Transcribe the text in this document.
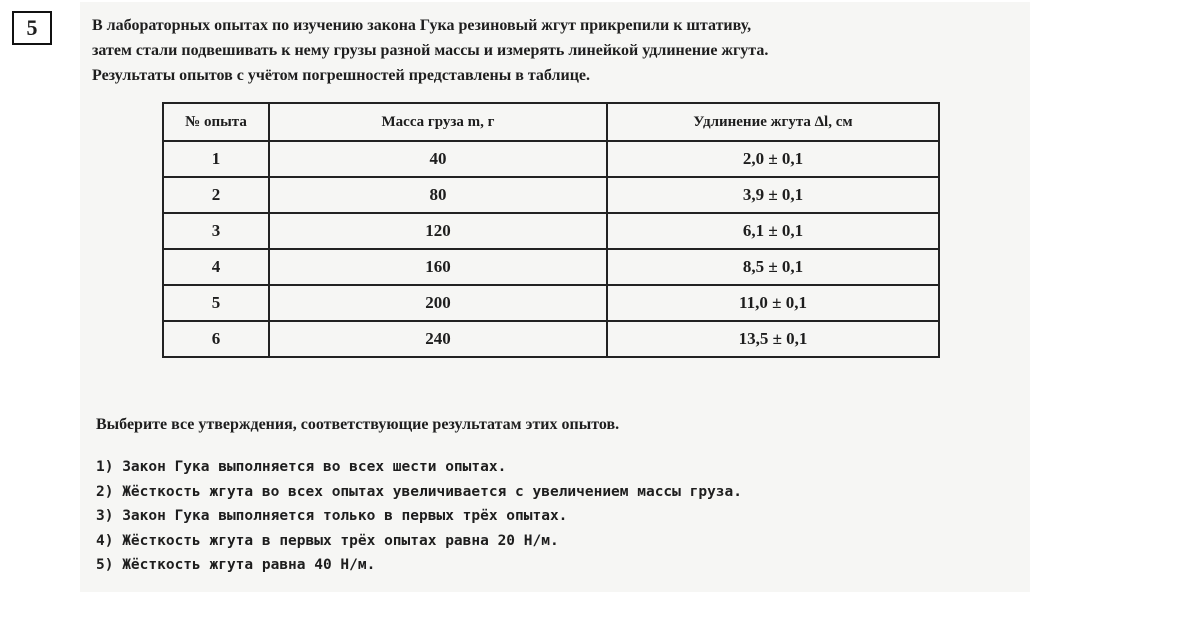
5	В лабораторных опытах по изучению закона Гука резиновый жгут прикрепили к штативу,
затем стали подвешивать к нему грузы разной массы и измерять линейкой удлинение жгута.
Результаты опытов с учётом погрешностей представлены в таблице.
№ опыта	Масса груза m, г	Удлинение жгута Δl, см
1	40	2,0 ± 0,1
2	80	3,9 ± 0,1
3	120	6,1 ± 0,1
4	160	8,5 ± 0,1
5	200	11,0 ± 0,1
6	240	13,5 ± 0,1
Выберите все утверждения, соответствующие результатам этих опытов.
1) Закон Гука выполняется во всех шести опытах.
2) Жёсткость жгута во всех опытах увеличивается с увеличением массы груза.
3) Закон Гука выполняется только в первых трёх опытах.
4) Жёсткость жгута в первых трёх опытах равна 20 Н/м.
5) Жёсткость жгута равна 40 Н/м.
